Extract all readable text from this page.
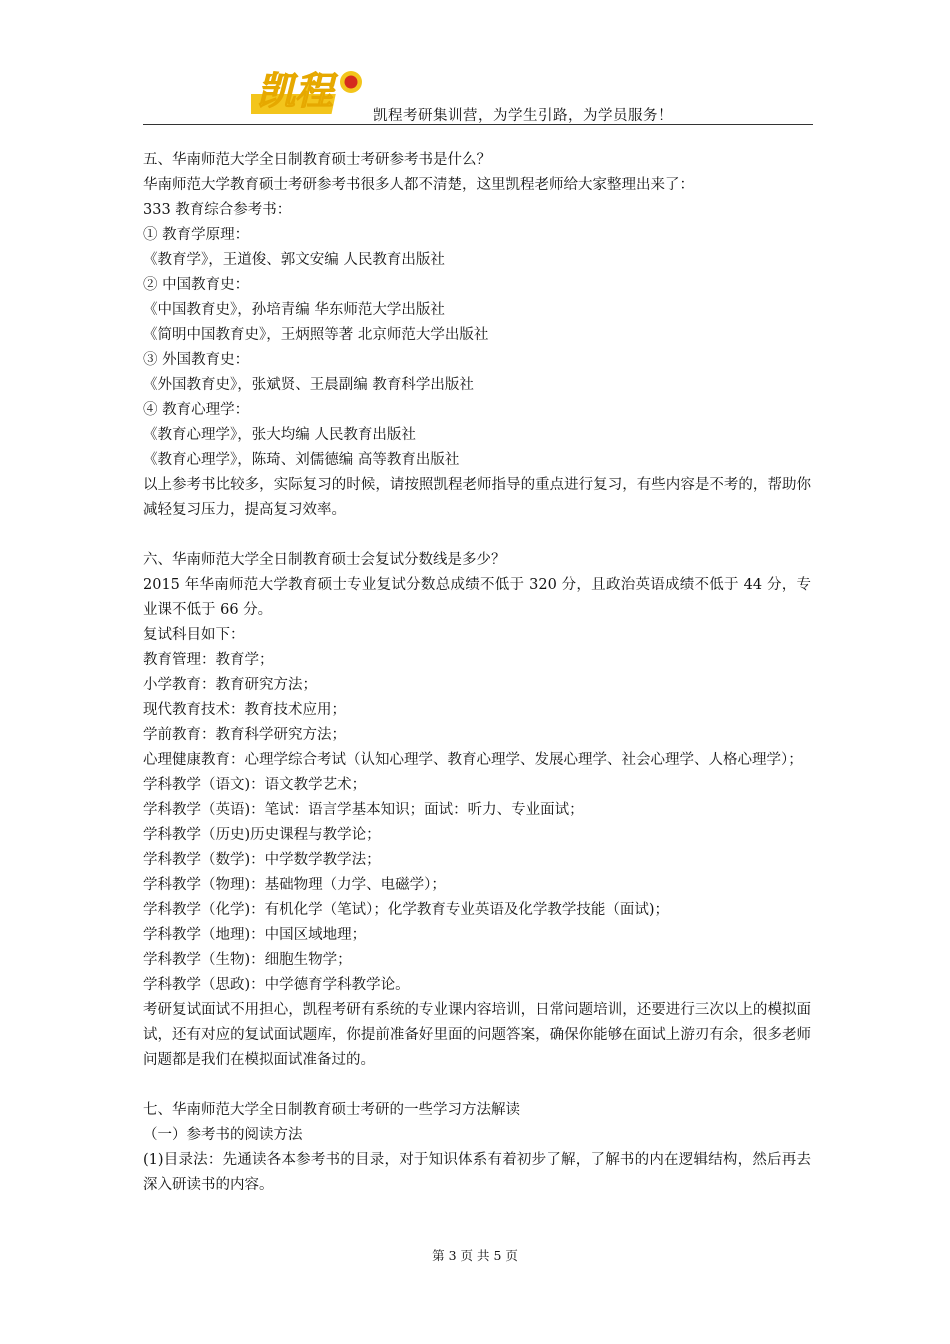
凯程
凯程考研集训营，为学生引路，为学员服务！

五、华南师范大学全日制教育硕士考研参考书是什么？

华南师范大学教育硕士考研参考书很多人都不清楚，这里凯程老师给大家整理出来了：

333 教育综合参考书：

① 教育学原理：

《教育学》，王道俊、郭文安编 人民教育出版社

② 中国教育史：

《中国教育史》，孙培青编 华东师范大学出版社

《简明中国教育史》，王炳照等著 北京师范大学出版社

③ 外国教育史：

《外国教育史》，张斌贤、王晨副编 教育科学出版社

④ 教育心理学：

《教育心理学》，张大均编 人民教育出版社

《教育心理学》，陈琦、刘儒德编 高等教育出版社

以上参考书比较多，实际复习的时候，请按照凯程老师指导的重点进行复习，有些内容是不考的，帮助你减轻复习压力，提高复习效率。

六、华南师范大学全日制教育硕士会复试分数线是多少？

2015 年华南师范大学教育硕士专业复试分数总成绩不低于 320 分，且政治英语成绩不低于 44 分，专业课不低于 66 分。

复试科目如下：

教育管理：教育学；

小学教育：教育研究方法；

现代教育技术：教育技术应用；

学前教育：教育科学研究方法；

心理健康教育：心理学综合考试（认知心理学、教育心理学、发展心理学、社会心理学、人格心理学）；

学科教学（语文)：语文教学艺术；

学科教学（英语)：笔试：语言学基本知识；面试：听力、专业面试；

学科教学（历史)历史课程与教学论；

学科教学（数学)：中学数学教学法；

学科教学（物理)：基础物理（力学、电磁学）；

学科教学（化学)：有机化学（笔试）；化学教育专业英语及化学教学技能（面试)；

学科教学（地理)：中国区域地理；

学科教学（生物)：细胞生物学；

学科教学（思政)：中学德育学科教学论。

考研复试面试不用担心，凯程考研有系统的专业课内容培训，日常问题培训，还要进行三次以上的模拟面试，还有对应的复试面试题库，你提前准备好里面的问题答案，确保你能够在面试上游刃有余，很多老师问题都是我们在模拟面试准备过的。

七、华南师范大学全日制教育硕士考研的一些学习方法解读

（一）参考书的阅读方法

(1)目录法：先通读各本参考书的目录，对于知识体系有着初步了解，了解书的内在逻辑结构，然后再去深入研读书的内容。

第 3 页 共 5 页
